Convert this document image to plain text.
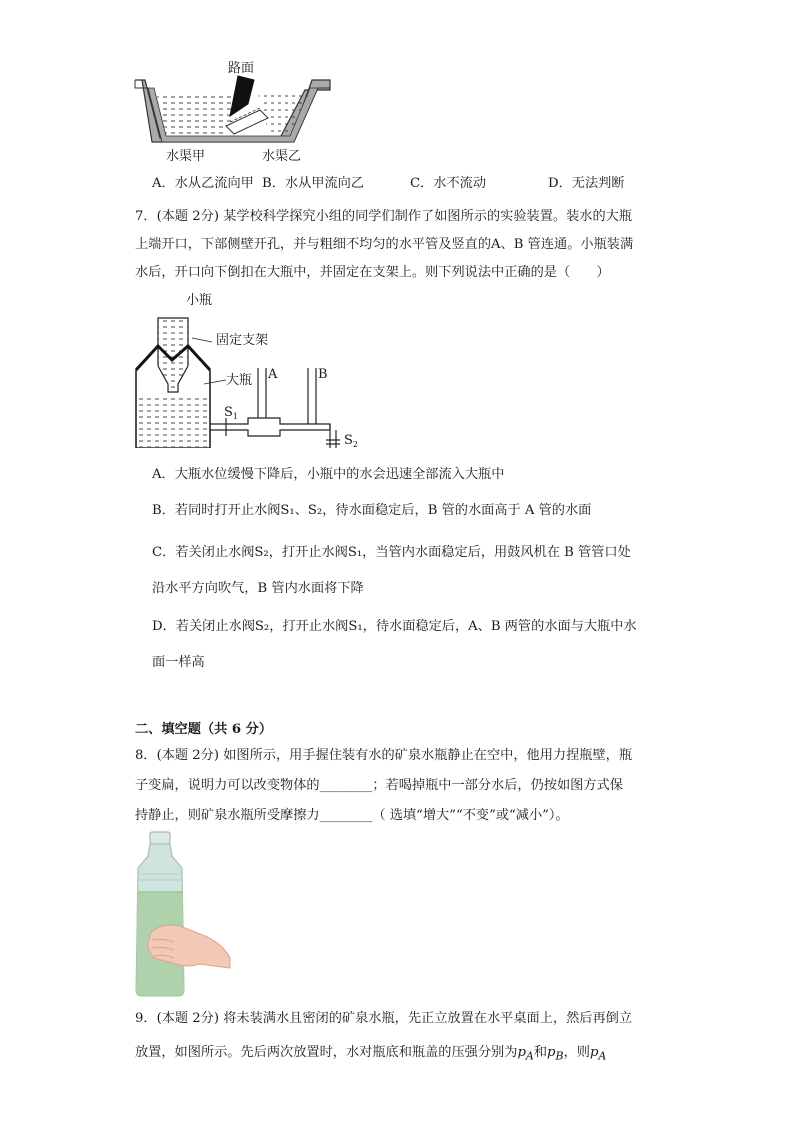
路面
水渠甲	水渠乙
A．水从乙流向甲 B．水从甲流向乙	C．水不流动	D．无法判断
7．(本题 2分) 某学校科学探究小组的同学们制作了如图所示的实验装置。装水的大瓶
上端开口，下部侧壁开孔，并与粗细不均匀的水平管及竖直的A、B 管连通。小瓶装满
水后，开口向下倒扣在大瓶中，并固定在支架上。则下列说法中正确的是（　　）
小瓶
固定支架
大瓶 A	B
$S_1$
$S_2$
A．大瓶水位缓慢下降后，小瓶中的水会迅速全部流入大瓶中
B．若同时打开止水阀S₁、S₂，待水面稳定后，B 管的水面高于 A 管的水面
C．若关闭止水阀S₂，打开止水阀S₁，当管内水面稳定后，用鼓风机在 B 管管口处
沿水平方向吹气，B 管内水面将下降
D．若关闭止水阀S₂，打开止水阀S₁，待水面稳定后，A、B 两管的水面与大瓶中水
面一样高
二、填空题（共 6 分）
8．(本题 2分) 如图所示，用手握住装有水的矿泉水瓶静止在空中，他用力捏瓶壁，瓶
子变扁，说明力可以改变物体的________；若喝掉瓶中一部分水后，仍按如图方式保
持静止，则矿泉水瓶所受摩擦力________（ 选填“增大”“不变”或“减小”）。
9．(本题 2分) 将未装满水且密闭的矿泉水瓶，先正立放置在水平桌面上，然后再倒立
放置，如图所示。先后两次放置时，水对瓶底和瓶盖的压强分别为$p_A$和$p_B$，则$p_A$
